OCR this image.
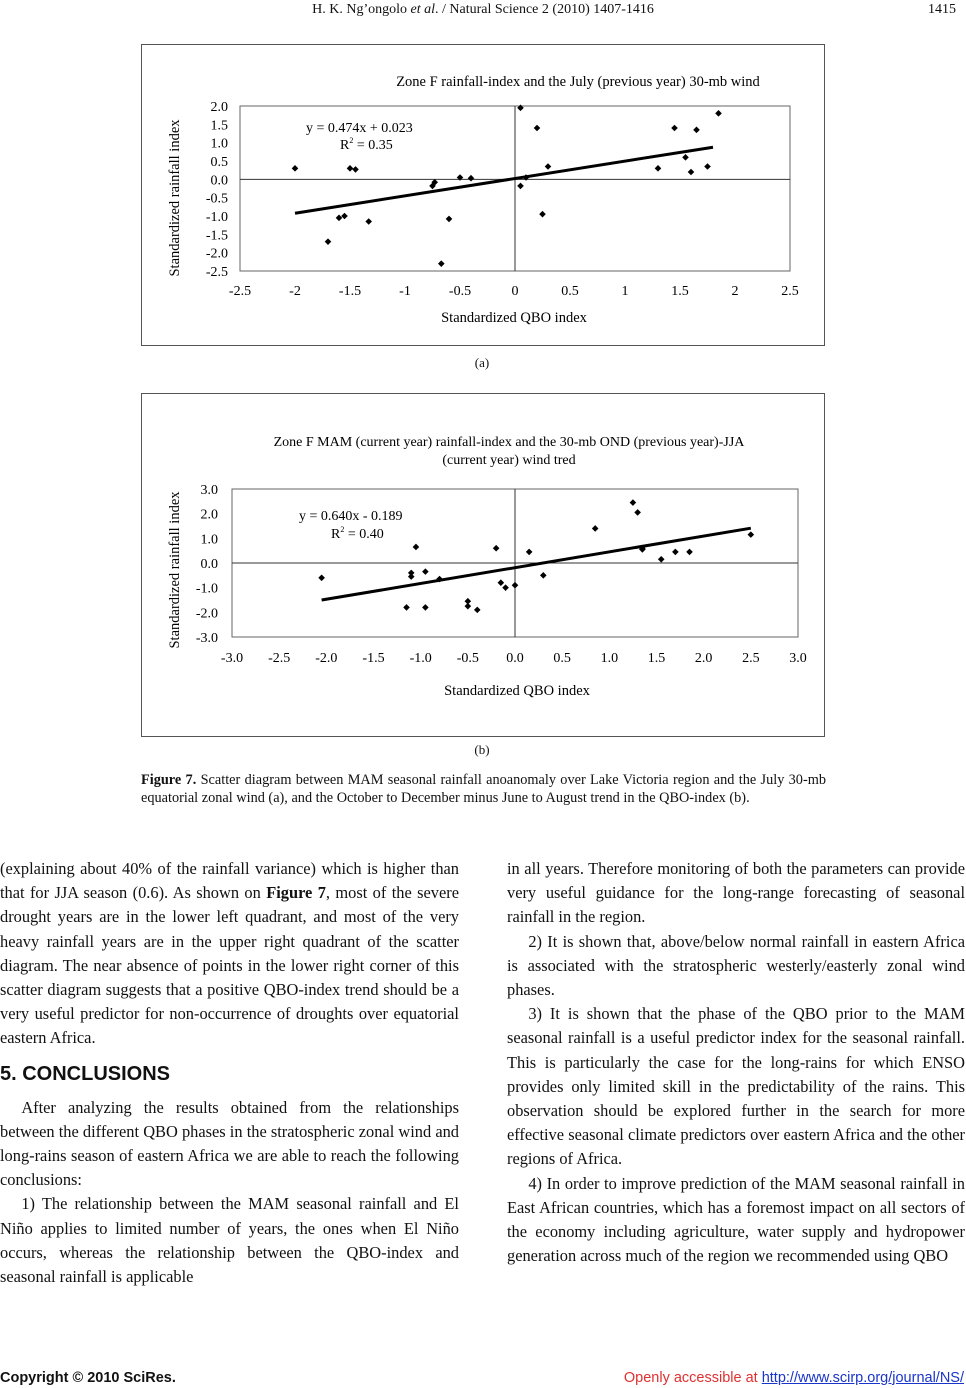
H. K. Ng’ongolo et al. / Natural Science 2 (2010) 1407-1416	1415
Zone F rainfall-index and the July (previous year) 30-mb wind
-2.5	-2	-1.5	-1	-0.5	0	0.5	1	1.5	2	2.5
2.0
1.5
1.0
0.5
0.0
-0.5
-1.0
-1.5
-2.0
-2.5
y = 0.474x + 0.023
$R^2 = 0.35$
Standardized QBO index
Standardized rainfall index
(a)
Zone F MAM (current year) rainfall-index and the 30-mb OND (previous year)-JJA
(current year) wind tred
-3.0 -2.5 -2.0 -1.5 -1.0 -0.5 0.0 0.5 1.0 1.5 2.0 2.5 3.0
3.0
2.0
1.0
0.0
-1.0
-2.0
-3.0
y = 0.640x - 0.189
$R^2 = 0.40$
Standardized QBO index
Standardized rainfall index
(b)
Figure 7. Scatter diagram between MAM seasonal rainfall anoanomaly over Lake Victoria region and the July 30-mb equatorial zonal wind (a), and the October to December minus June to August trend in the QBO-index (b).

(explaining about 40% of the rainfall variance) which is higher than that for JJA season (0.6). As shown on Figure 7, most of the severe drought years are in the lower left quadrant, and most of the very heavy rainfall years are in the upper right quadrant of the scatter diagram. The near absence of points in the lower right corner of this scatter diagram suggests that a positive QBO-index trend should be a very useful predictor for non-occurrence of droughts over equatorial eastern Africa.

5. CONCLUSIONS

After analyzing the results obtained from the relationships between the different QBO phases in the stratospheric zonal wind and long-rains season of eastern Africa we are able to reach the following conclusions:

1) The relationship between the MAM seasonal rainfall and El Niño applies to limited number of years, the ones when El Niño occurs, whereas the relationship between the QBO-index and seasonal rainfall is applicable

in all years. Therefore monitoring of both the parameters can provide very useful guidance for the long-range forecasting of seasonal rainfall in the region.

2) It is shown that, above/below normal rainfall in eastern Africa is associated with the stratospheric westerly/easterly zonal wind phases.

3) It is shown that the phase of the QBO prior to the MAM seasonal rainfall is a useful predictor index for the seasonal rainfall. This is particularly the case for the long-rains for which ENSO provides only limited skill in the predictability of the rains. This observation should be explored further in the search for more effective seasonal climate predictors over eastern Africa and the other regions of Africa.

4) In order to improve prediction of the MAM seasonal rainfall in East African countries, which has a foremost impact on all sectors of the economy including agriculture, water supply and hydropower generation across much of the region we recommended using QBO

Copyright © 2010 SciRes.	Openly accessible at http://www.scirp.org/journal/NS/
